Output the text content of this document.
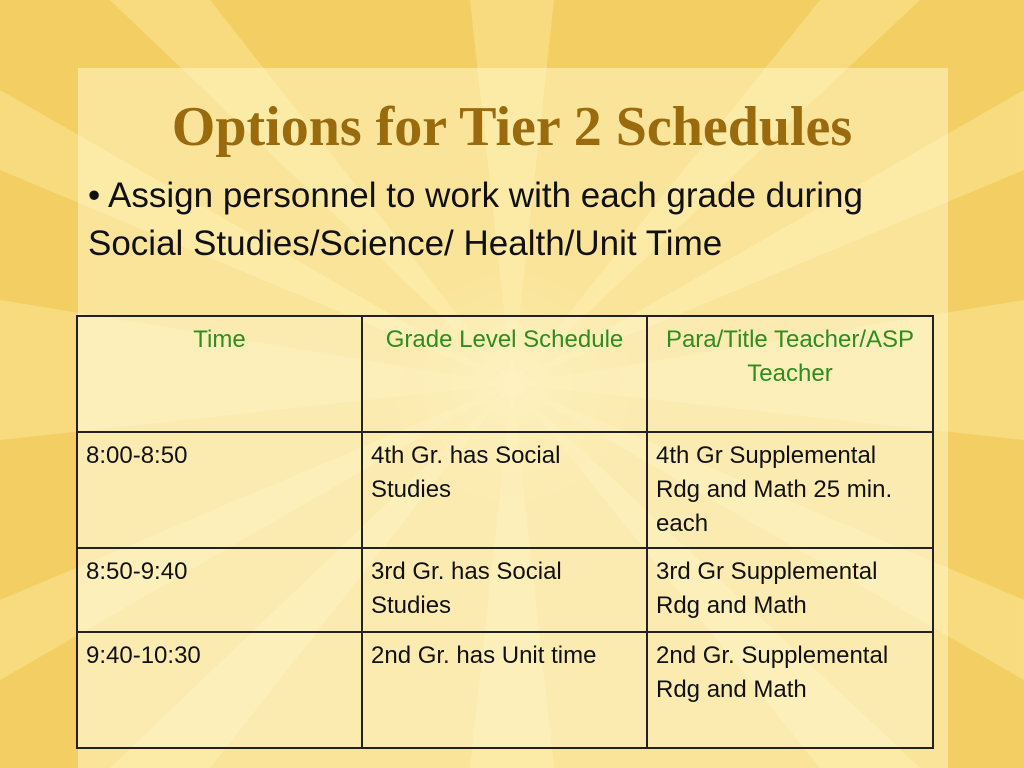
Options for Tier 2 Schedules

• Assign personnel to work with each grade during Social Studies/Science/ Health/Unit Time

Time	Grade Level Schedule	Para/Title Teacher/ASP Teacher
8:00-8:50	4th Gr. has Social Studies	4th Gr Supplemental Rdg and Math 25 min. each
8:50-9:40	3rd Gr. has Social Studies	3rd Gr Supplemental Rdg and Math
9:40-10:30	2nd Gr. has Unit time	2nd Gr. Supplemental Rdg and Math
